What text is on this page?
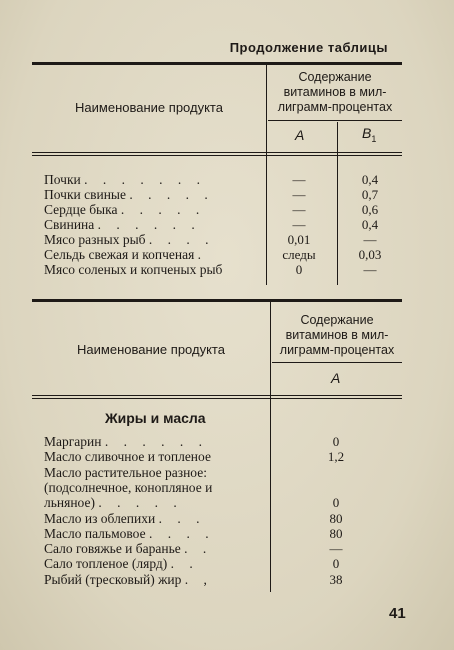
Продолжение таблицы
Наименование продукта
Содержание
витаминов в мил-
лиграмм-процентах
A	$B_1$
Почки . . . . . . .	—	0,4
Почки свиные . . . . .	—	0,7
Сердце быка . . . . .	—	0,6
Свинина . . . . . .	—	0,4
Мясо разных рыб . . . .	0,01	—
Сельдь свежая и копченая .	следы	0,03
Мясо соленых и копченых рыб	0	—
Наименование продукта
Содержание
витаминов в мил-
лиграмм-процентах
A
Жиры и масла
Маргарин . . . . . .	0
Масло сливочное и топленое	1,2
Масло растительное разное:
(подсолнечное, конопляное и
льняное) . . . . .	0
Масло из облепихи . . .	80
Масло пальмовое . . . .	80
Сало говяжье и баранье . .	—
Сало топленое (лярд) . .	0
Рыбий (тресковый) жир . ,	38
41
